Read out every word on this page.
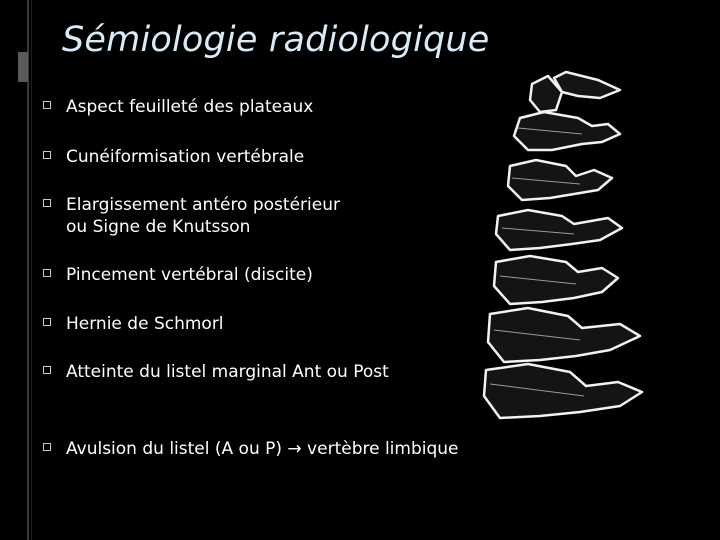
Sémiologie radiologique
Aspect feuilleté des plateaux
Cunéiformisation vertébrale
Elargissement antéro postérieur
ou Signe de Knutsson
Pincement vertébral (discite)
Hernie de Schmorl
Atteinte du listel marginal Ant ou Post
Avulsion du listel (A ou P) → vertèbre limbique
